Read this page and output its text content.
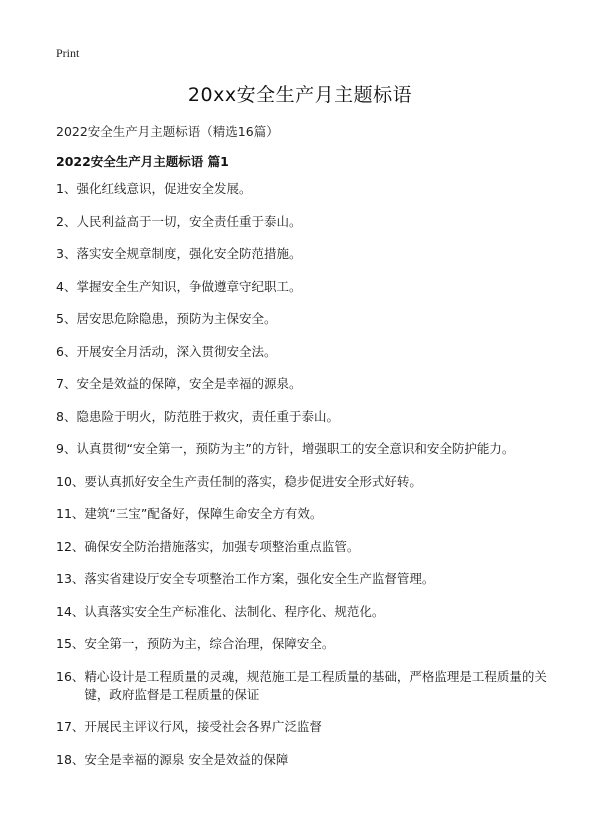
Print
20xx安全生产月主题标语
2022安全生产月主题标语（精选16篇）
2022安全生产月主题标语 篇1
1、 强化红线意识，促进安全发展。
2、 人民利益高于一切，安全责任重于泰山。
3、 落实安全规章制度，强化安全防范措施。
4、 掌握安全生产知识，争做遵章守纪职工。
5、 居安思危除隐患，预防为主保安全。
6、 开展安全月活动，深入贯彻安全法。
7、 安全是效益的保障，安全是幸福的源泉。
8、 隐患险于明火，防范胜于救灾，责任重于泰山。
9、 认真贯彻“安全第一，预防为主”的方针，增强职工的安全意识和安全防护能力。
10、 要认真抓好安全生产责任制的落实，稳步促进安全形式好转。
11、 建筑“三宝”配备好，保障生命安全方有效。
12、 确保安全防治措施落实，加强专项整治重点监管。
13、 落实省建设厅安全专项整治工作方案，强化安全生产监督管理。
14、 认真落实安全生产标准化、法制化、程序化、规范化。
15、 安全第一，预防为主，综合治理，保障安全。
16、 精心设计是工程质量的灵魂，规范施工是工程质量的基础，严格监理是工程质量的关键，政府监督是工程质量的保证
17、 开展民主评议行风，接受社会各界广泛监督
18、 安全是幸福的源泉 安全是效益的保障
